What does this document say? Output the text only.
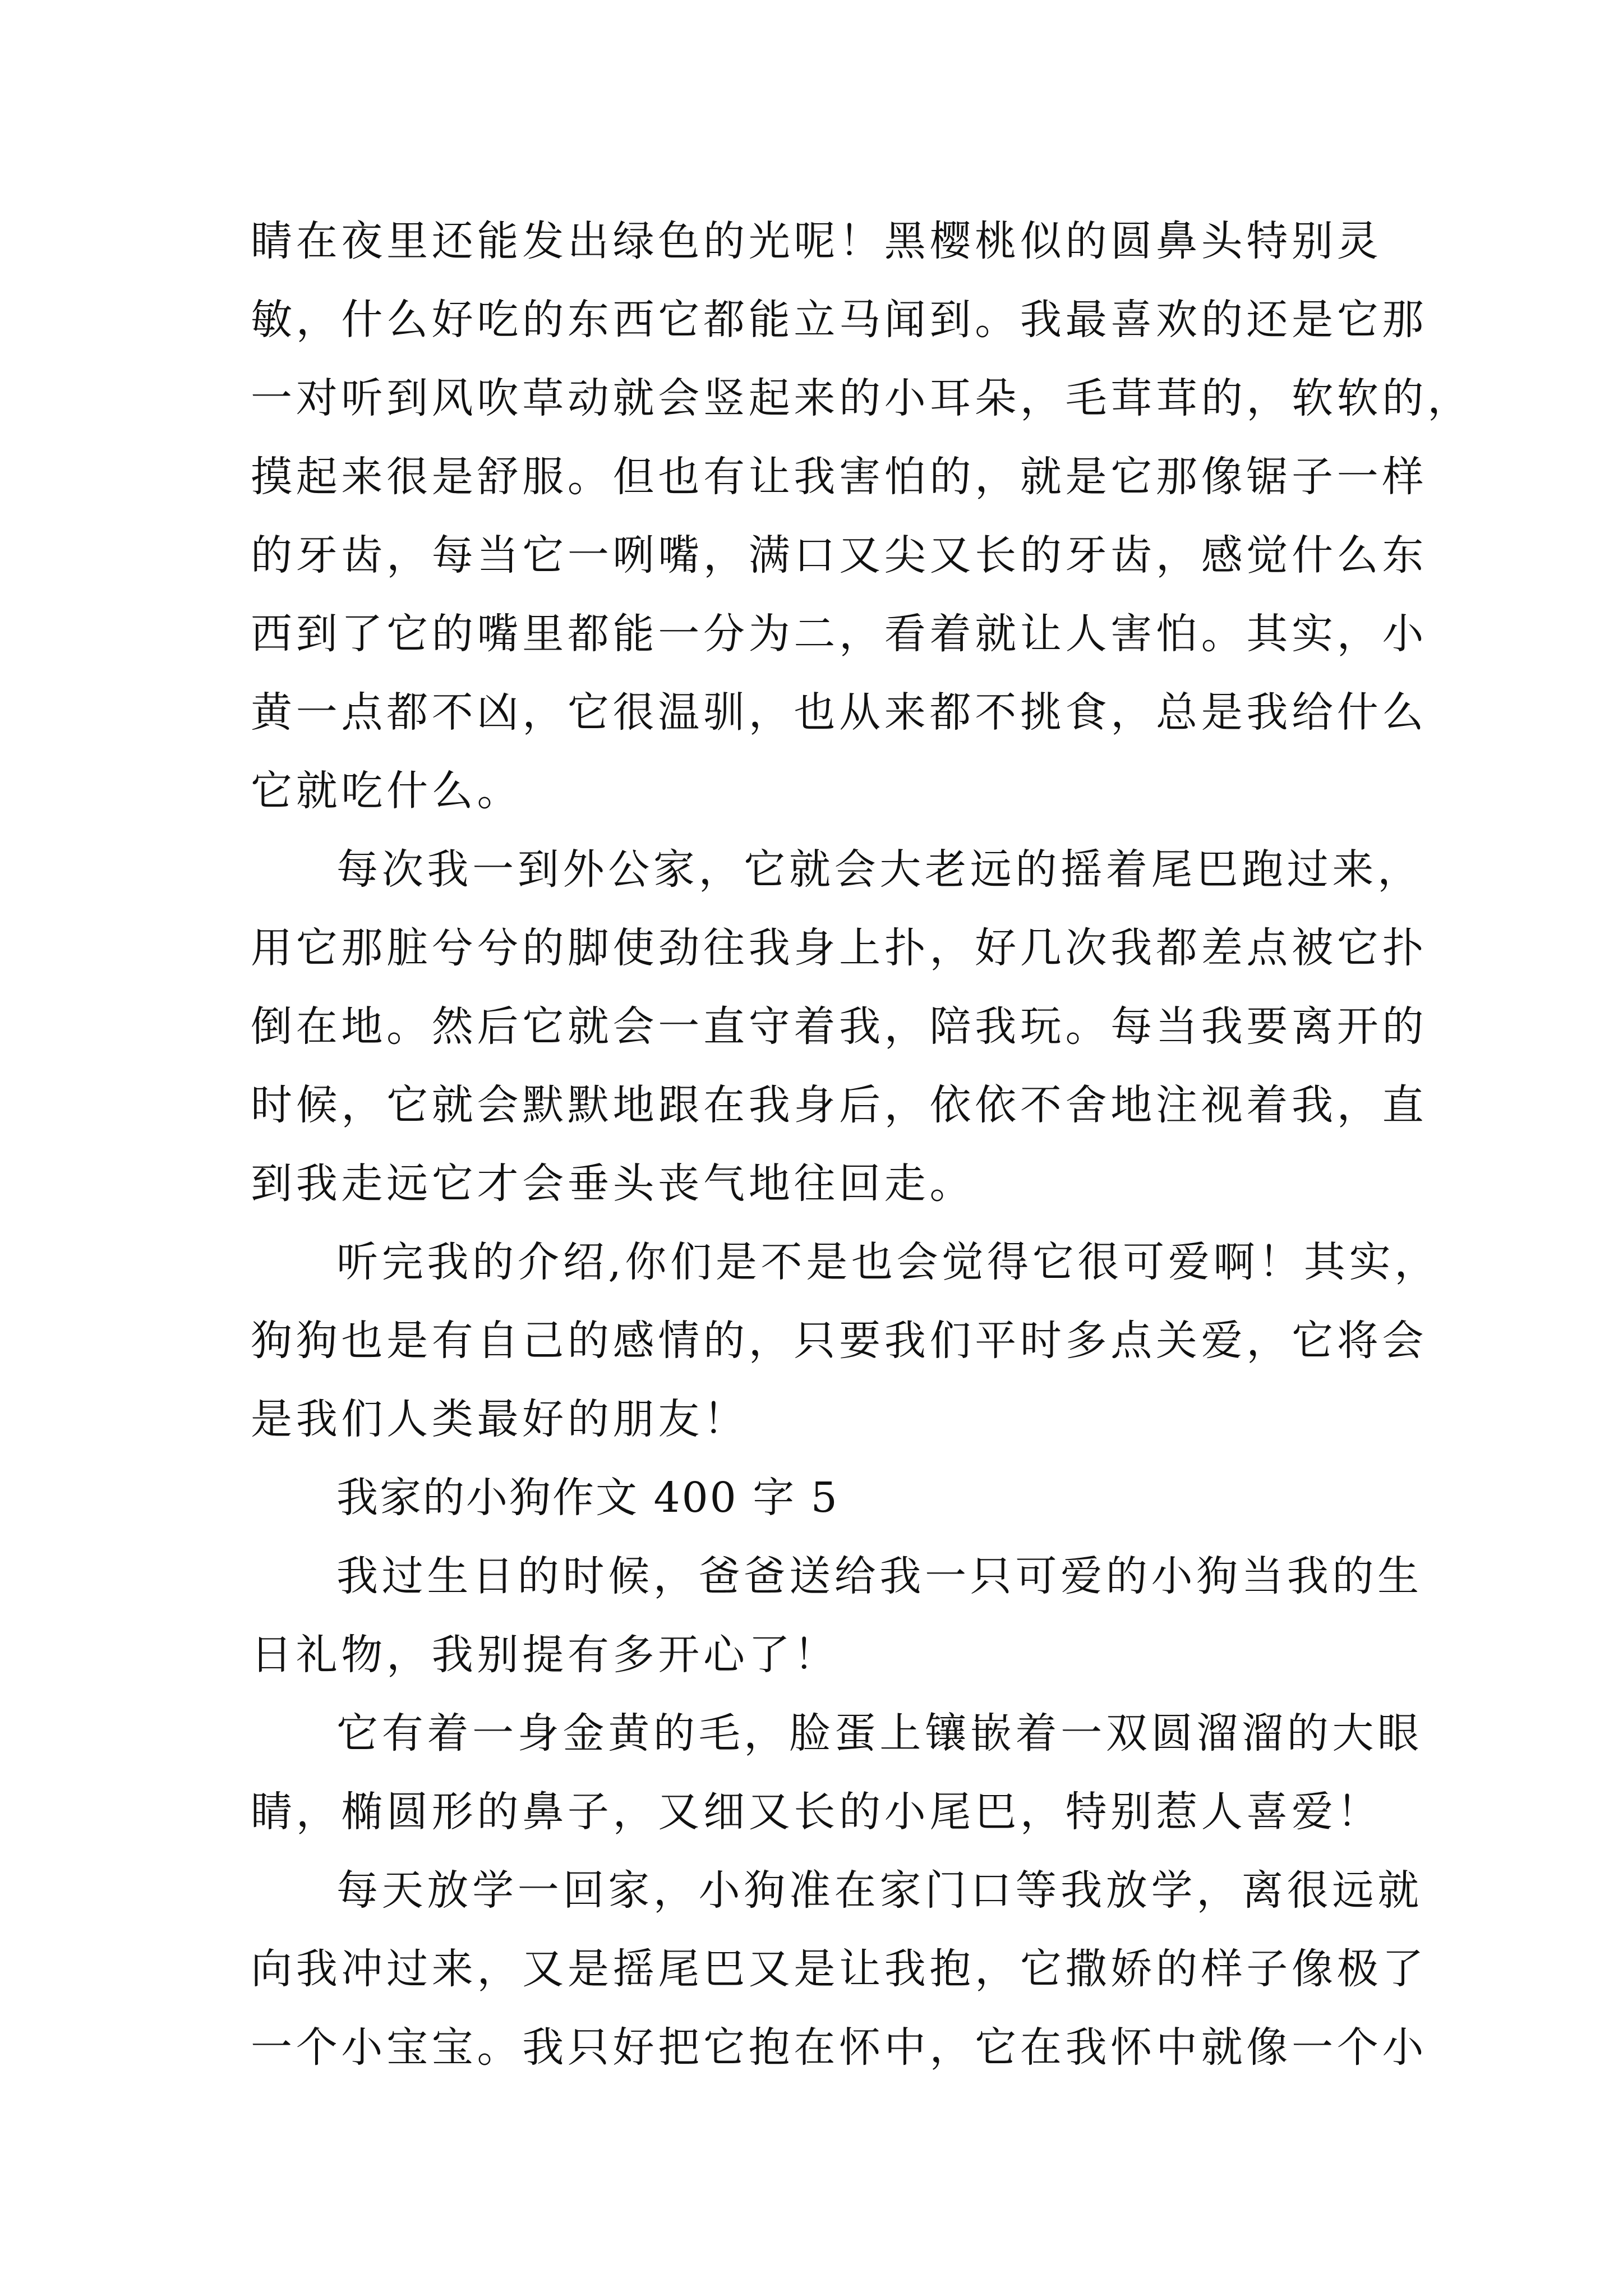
睛在夜里还能发出绿色的光呢！黑樱桃似的圆鼻头特别灵
敏，什么好吃的东西它都能立马闻到。我最喜欢的还是它那
一对听到风吹草动就会竖起来的小耳朵，毛茸茸的，软软的，
摸起来很是舒服。但也有让我害怕的，就是它那像锯子一样
的牙齿，每当它一咧嘴，满口又尖又长的牙齿，感觉什么东
西到了它的嘴里都能一分为二，看着就让人害怕。其实，小
黄一点都不凶，它很温驯，也从来都不挑食，总是我给什么
它就吃什么。
每次我一到外公家，它就会大老远的摇着尾巴跑过来，
用它那脏兮兮的脚使劲往我身上扑，好几次我都差点被它扑
倒在地。然后它就会一直守着我，陪我玩。每当我要离开的
时候，它就会默默地跟在我身后，依依不舍地注视着我，直
到我走远它才会垂头丧气地往回走。
听完我的介绍,你们是不是也会觉得它很可爱啊！其实，
狗狗也是有自己的感情的，只要我们平时多点关爱，它将会
是我们人类最好的朋友！
我家的小狗作文 400 字 5
我过生日的时候，爸爸送给我一只可爱的小狗当我的生
日礼物，我别提有多开心了！
它有着一身金黄的毛，脸蛋上镶嵌着一双圆溜溜的大眼
睛，椭圆形的鼻子，又细又长的小尾巴，特别惹人喜爱！
每天放学一回家，小狗准在家门口等我放学，离很远就
向我冲过来，又是摇尾巴又是让我抱，它撒娇的样子像极了
一个小宝宝。我只好把它抱在怀中，它在我怀中就像一个小
